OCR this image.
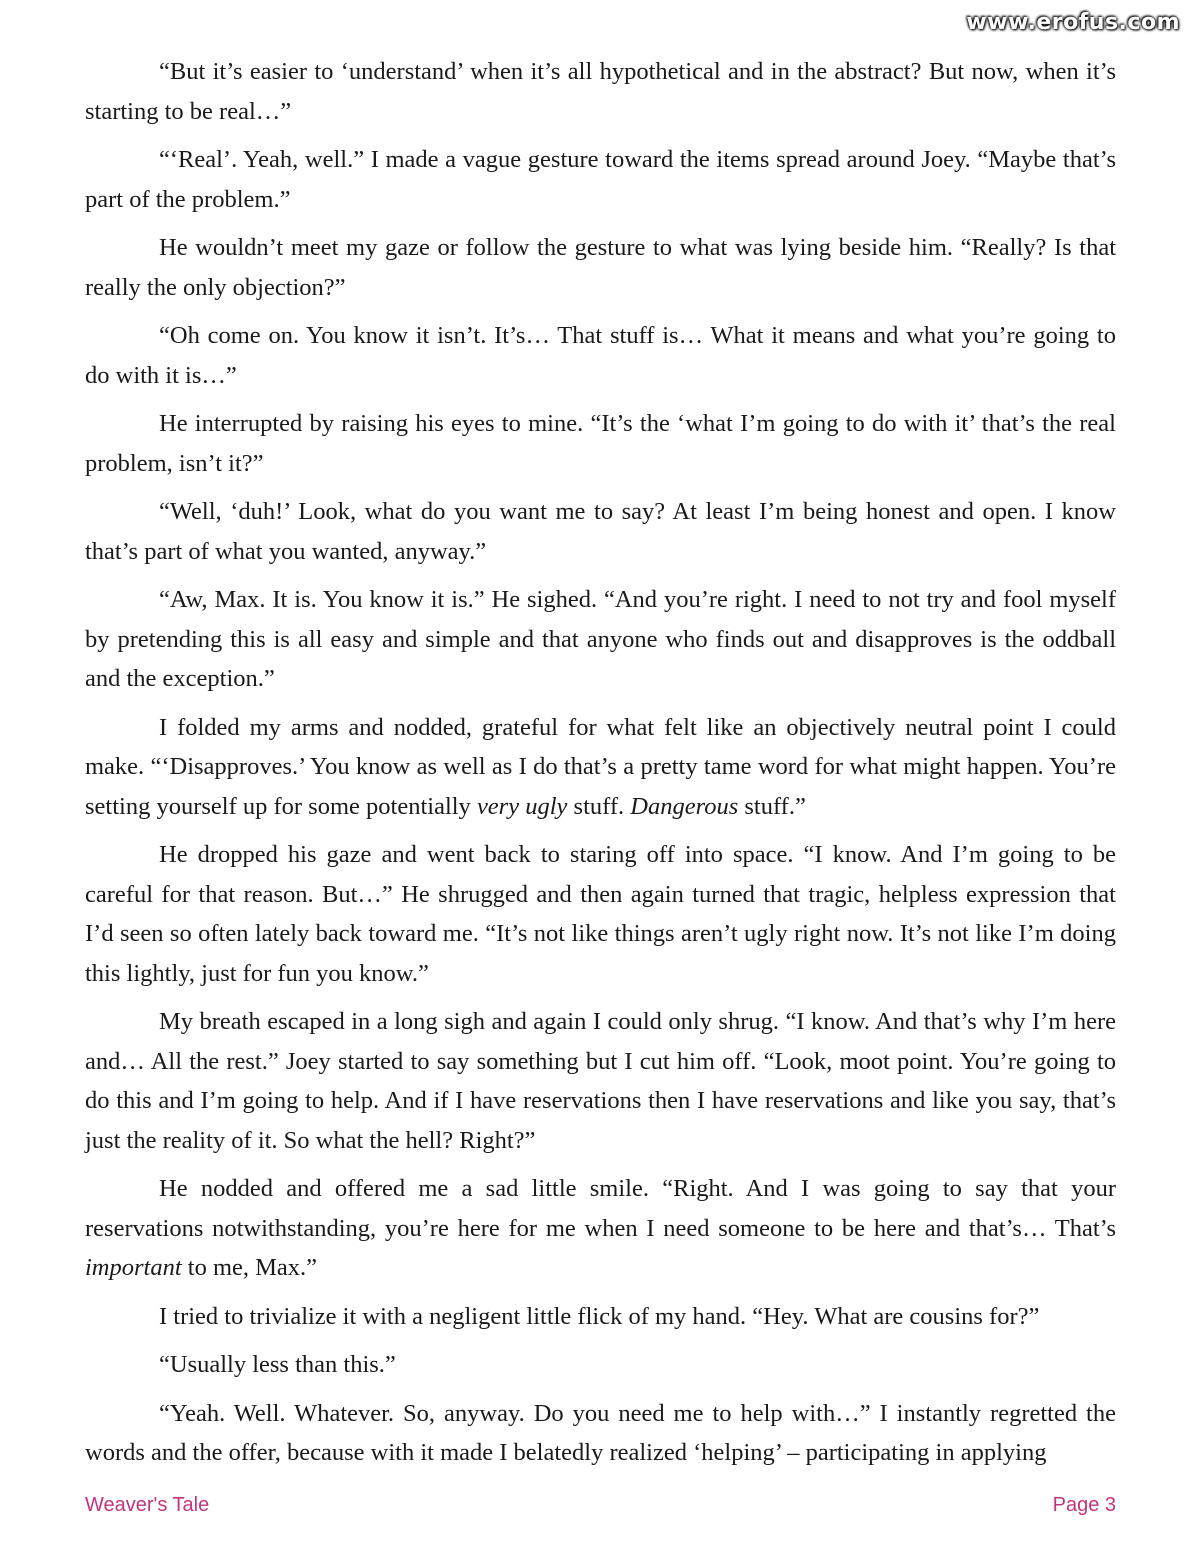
www.erofus.com

“But it’s easier to ‘understand’ when it’s all hypothetical and in the abstract? But now, when it’s starting to be real…”

“‘Real’. Yeah, well.” I made a vague gesture toward the items spread around Joey. “Maybe that’s part of the problem.”

He wouldn’t meet my gaze or follow the gesture to what was lying beside him. “Really? Is that really the only objection?”

“Oh come on. You know it isn’t. It’s… That stuff is… What it means and what you’re going to do with it is…”

He interrupted by raising his eyes to mine. “It’s the ‘what I’m going to do with it’ that’s the real problem, isn’t it?”

“Well, ‘duh!’ Look, what do you want me to say? At least I’m being honest and open. I know that’s part of what you wanted, anyway.”

“Aw, Max. It is. You know it is.” He sighed. “And you’re right. I need to not try and fool myself by pretending this is all easy and simple and that anyone who finds out and disapproves is the oddball and the exception.”

I folded my arms and nodded, grateful for what felt like an objectively neutral point I could make. “‘Disapproves.’ You know as well as I do that’s a pretty tame word for what might happen. You’re setting yourself up for some potentially very ugly stuff. Dangerous stuff.”

He dropped his gaze and went back to staring off into space. “I know. And I’m going to be careful for that reason. But…” He shrugged and then again turned that tragic, helpless expression that I’d seen so often lately back toward me. “It’s not like things aren’t ugly right now. It’s not like I’m doing this lightly, just for fun you know.”

My breath escaped in a long sigh and again I could only shrug. “I know. And that’s why I’m here and… All the rest.” Joey started to say something but I cut him off. “Look, moot point. You’re going to do this and I’m going to help. And if I have reservations then I have reservations and like you say, that’s just the reality of it. So what the hell? Right?”

He nodded and offered me a sad little smile. “Right. And I was going to say that your reservations notwithstanding, you’re here for me when I need someone to be here and that’s… That’s important to me, Max.”

I tried to trivialize it with a negligent little flick of my hand. “Hey. What are cousins for?”

“Usually less than this.”

“Yeah. Well. Whatever. So, anyway. Do you need me to help with…” I instantly regretted the words and the offer, because with it made I belatedly realized ‘helping’ – participating in applying

Weaver's Tale	Page 3
